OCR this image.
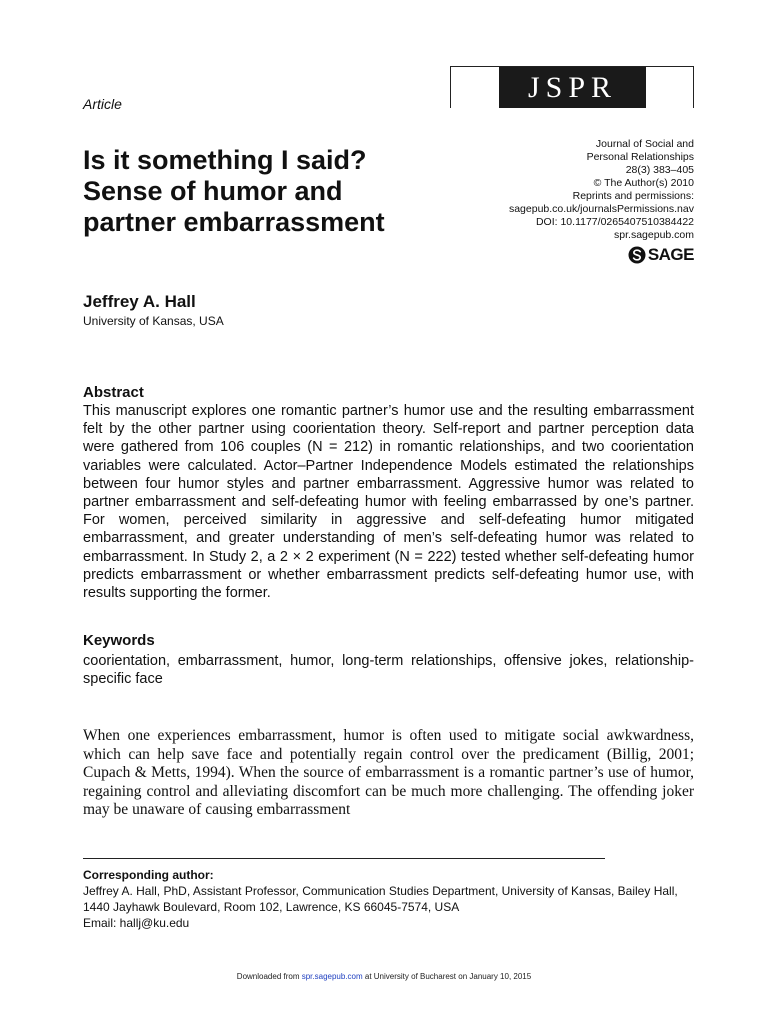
Article	JSPR
Is it something I said?
Sense of humor and
partner embarrassment
Journal of Social and
Personal Relationships
28(3) 383–405
© The Author(s) 2010
Reprints and permissions:
sagepub.co.uk/journalsPermissions.nav
DOI: 10.1177/0265407510384422
spr.sagepub.com
SAGE
Jeffrey A. Hall
University of Kansas, USA
Abstract
This manuscript explores one romantic partner’s humor use and the resulting embarrassment felt by the other partner using coorientation theory. Self-report and partner perception data were gathered from 106 couples (N = 212) in romantic relationships, and two coorientation variables were calculated. Actor–Partner Independence Models estimated the relationships between four humor styles and partner embarrassment. Aggressive humor was related to partner embarrassment and self-defeating humor with feeling embarrassed by one’s partner. For women, perceived similarity in aggressive and self-defeating humor mitigated embarrassment, and greater understanding of men’s self-defeating humor was related to embarrassment. In Study 2, a 2 × 2 experiment (N = 222) tested whether self-defeating humor predicts embarrassment or whether embarrassment predicts self-defeating humor use, with results supporting the former.
Keywords
coorientation, embarrassment, humor, long-term relationships, offensive jokes, relationship-specific face
When one experiences embarrassment, humor is often used to mitigate social awkwardness, which can help save face and potentially regain control over the predicament (Billig, 2001; Cupach & Metts, 1994). When the source of embarrassment is a romantic partner’s use of humor, regaining control and alleviating discomfort can be much more challenging. The offending joker may be unaware of causing embarrassment
Corresponding author:
Jeffrey A. Hall, PhD, Assistant Professor, Communication Studies Department, University of Kansas, Bailey Hall, 1440 Jayhawk Boulevard, Room 102, Lawrence, KS 66045-7574, USA
Email: hallj@ku.edu
Downloaded from spr.sagepub.com at University of Bucharest on January 10, 2015
